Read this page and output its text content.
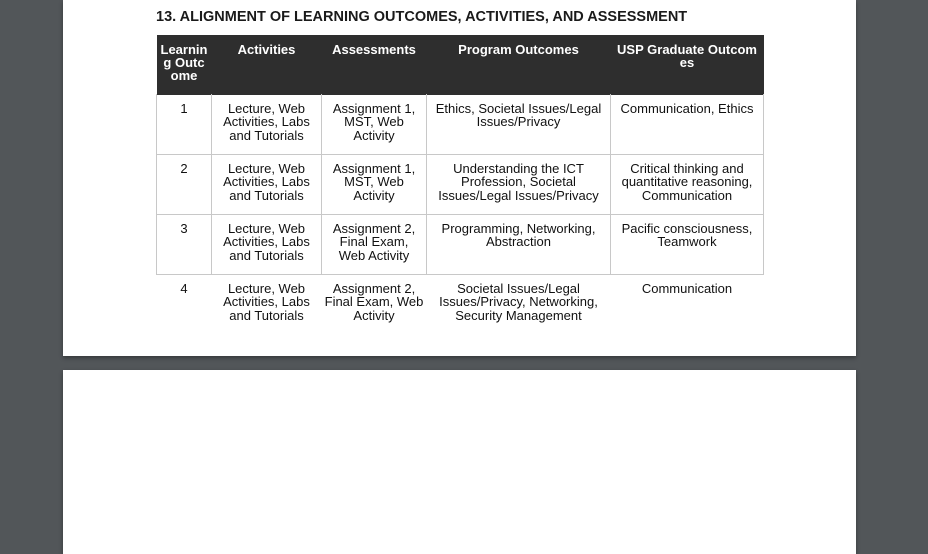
13. ALIGNMENT OF LEARNING OUTCOMES, ACTIVITIES, AND ASSESSMENT
Learning Outcome	Activities	Assessments	Program Outcomes	USP Graduate Outcomes
1	Lecture, Web Activities, Labs and Tutorials	Assignment 1, MST, Web Activity	Ethics, Societal Issues/Legal Issues/Privacy	Communication, Ethics
2	Lecture, Web Activities, Labs and Tutorials	Assignment 1, MST, Web Activity	Understanding the ICT Profession, Societal Issues/Legal Issues/Privacy	Critical thinking and quantitative reasoning, Communication
3	Lecture, Web Activities, Labs and Tutorials	Assignment 2, Final Exam, Web Activity	Programming, Networking, Abstraction	Pacific consciousness, Teamwork
4	Lecture, Web Activities, Labs and Tutorials	Assignment 2, Final Exam, Web Activity	Societal Issues/Legal Issues/Privacy, Networking, Security Management	Communication
